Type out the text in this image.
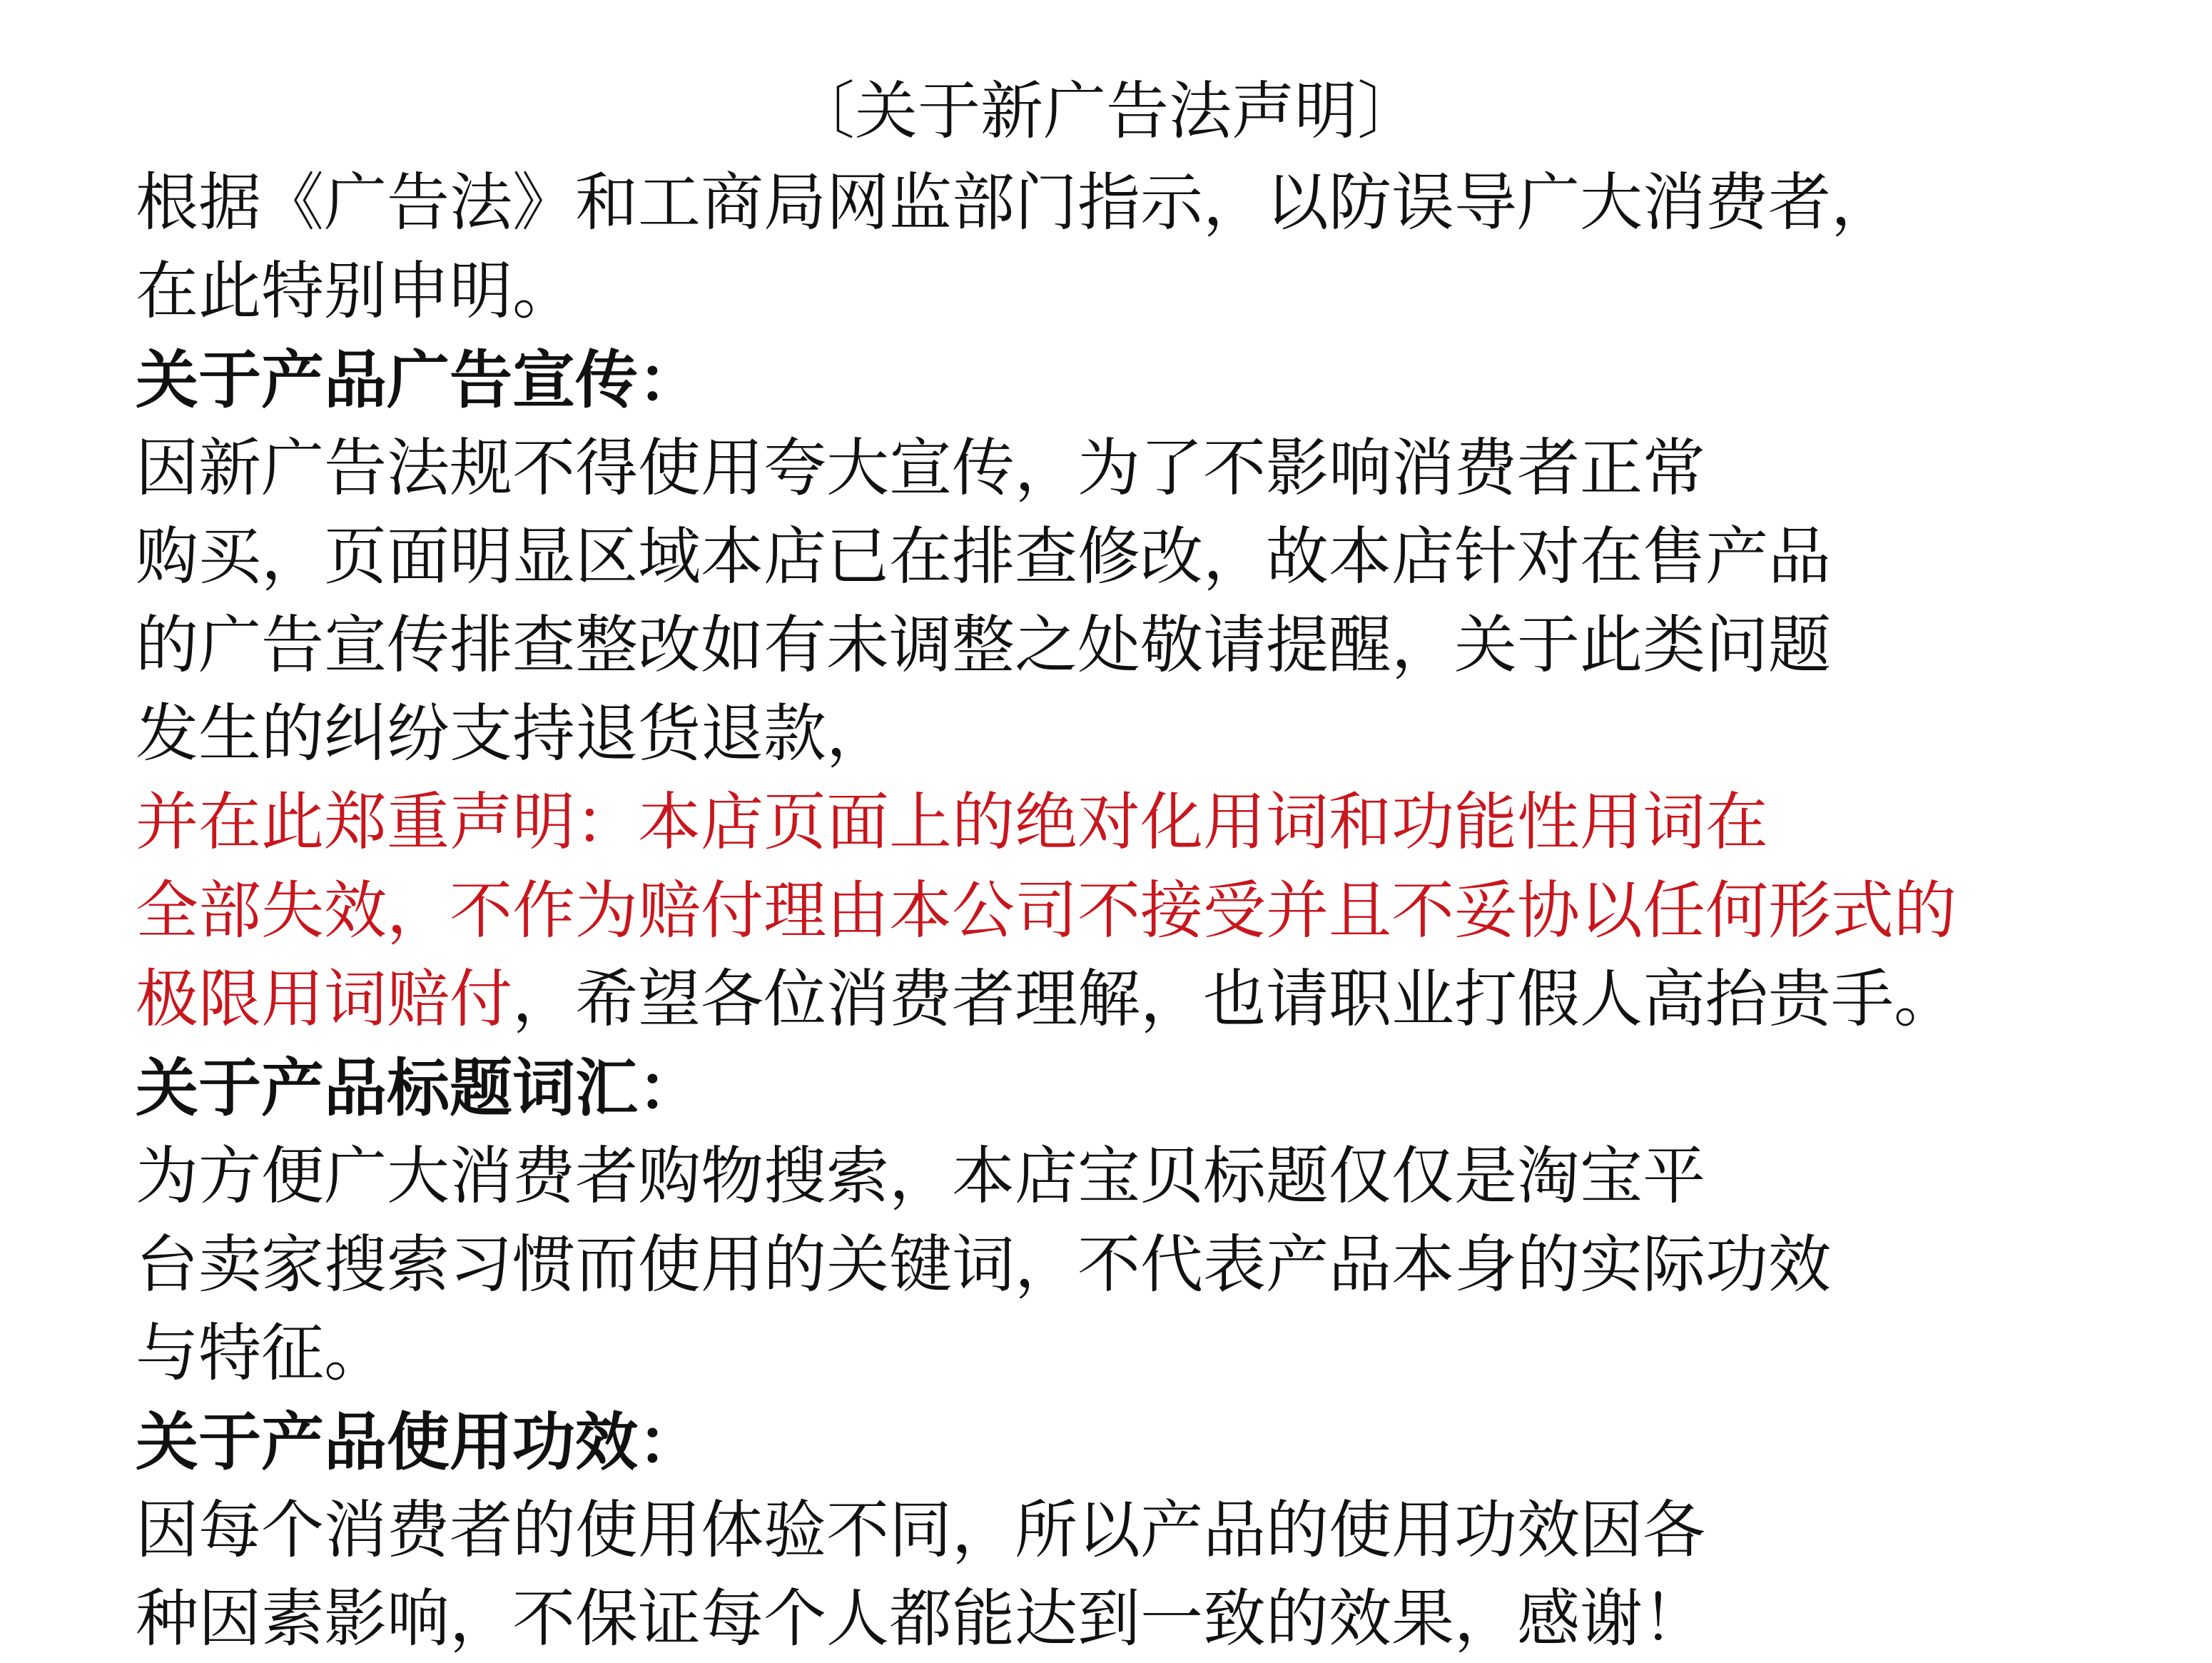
〔关于新广告法声明〕
根据《广告法》和工商局网监部门指示，以防误导广大消费者，
在此特别申明。
关于产品广告宣传：
因新广告法规不得使用夸大宣传，为了不影响消费者正常
购买，页面明显区域本店已在排查修改，故本店针对在售产品
的广告宣传排查整改如有未调整之处敬请提醒，关于此类问题
发生的纠纷支持退货退款，
并在此郑重声明：本店页面上的绝对化用词和功能性用词在
全部失效，不作为赔付理由本公司不接受并且不妥协以任何形式的
极限用词赔付，希望各位消费者理解，也请职业打假人高抬贵手。
关于产品标题词汇：
为方便广大消费者购物搜索，本店宝贝标题仅仅是淘宝平
台卖家搜索习惯而使用的关键词，不代表产品本身的实际功效
与特征。
关于产品使用功效：
因每个消费者的使用体验不同，所以产品的使用功效因各
种因素影响，不保证每个人都能达到一致的效果，感谢！
